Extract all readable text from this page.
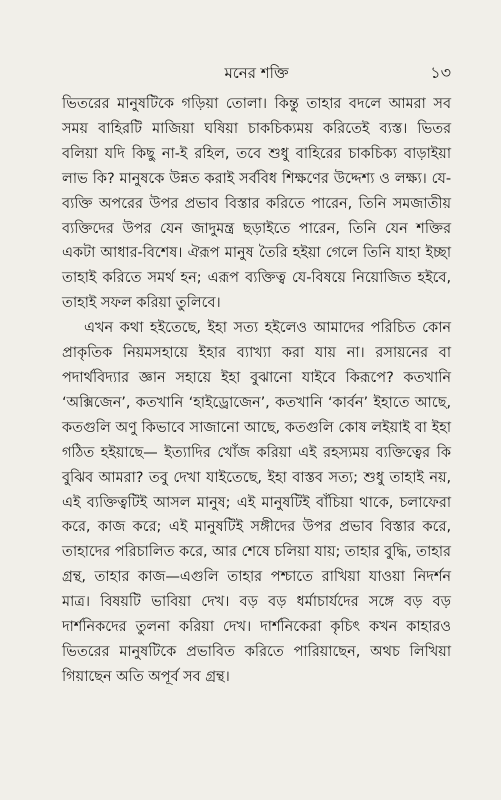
মনের শক্তি	১৩

ভিতরের মানুষটিকে গড়িয়া তোলা। কিন্তু তাহার বদলে আমরা সব সময় বাহিরটি মাজিয়া ঘষিয়া চাকচিক্যময় করিতেই ব্যস্ত। ভিতর বলিয়া যদি কিছু না-ই রহিল, তবে শুধু বাহিরের চাকচিক্য বাড়াইয়া লাভ কি? মানুষকে উন্নত করাই সর্ববিধ শিক্ষণের উদ্দেশ্য ও লক্ষ্য। যে-ব্যক্তি অপরের উপর প্রভাব বিস্তার করিতে পারেন, তিনি সমজাতীয় ব্যক্তিদের উপর যেন জাদুমন্ত্র ছড়াইতে পারেন, তিনি যেন শক্তির একটা আধার-বিশেষ। ঐরূপ মানুষ তৈরি হইয়া গেলে তিনি যাহা ইচ্ছা তাহাই করিতে সমর্থ হন; এরূপ ব্যক্তিত্ব যে-বিষয়ে নিয়োজিত হইবে, তাহাই সফল করিয়া তুলিবে।

এখন কথা হইতেছে, ইহা সত্য হইলেও আমাদের পরিচিত কোন প্রাকৃতিক নিয়মসহায়ে ইহার ব্যাখ্যা করা যায় না। রসায়নের বা পদার্থবিদ্যার জ্ঞান সহায়ে ইহা বুঝানো যাইবে কিরূপে? কতখানি ‘অক্সিজেন’, কতখানি ‘হাইড্রোজেন’, কতখানি ‘কার্বন’ ইহাতে আছে, কতগুলি অণু কিভাবে সাজানো আছে, কতগুলি কোষ লইয়াই বা ইহা গঠিত হইয়াছে— ইত্যাদির খোঁজ করিয়া এই রহস্যময় ব্যক্তিত্বের কি বুঝিব আমরা? তবু দেখা যাইতেছে, ইহা বাস্তব সত্য; শুধু তাহাই নয়, এই ব্যক্তিত্বটিই আসল মানুষ; এই মানুষটিই বাঁচিয়া থাকে, চলাফেরা করে, কাজ করে; এই মানুষটিই সঙ্গীদের উপর প্রভাব বিস্তার করে, তাহাদের পরিচালিত করে, আর শেষে চলিয়া যায়; তাহার বুদ্ধি, তাহার গ্রন্থ, তাহার কাজ—এগুলি তাহার পশ্চাতে রাখিয়া যাওয়া নিদর্শন মাত্র। বিষয়টি ভাবিয়া দেখ। বড় বড় ধর্মাচার্যদের সঙ্গে বড় বড় দার্শনিকদের তুলনা করিয়া দেখ। দার্শনিকেরা কৃচিৎ কখন কাহারও ভিতরের মানুষটিকে প্রভাবিত করিতে পারিয়াছেন, অথচ লিখিয়া গিয়াছেন অতি অপূর্ব সব গ্রন্থ।
